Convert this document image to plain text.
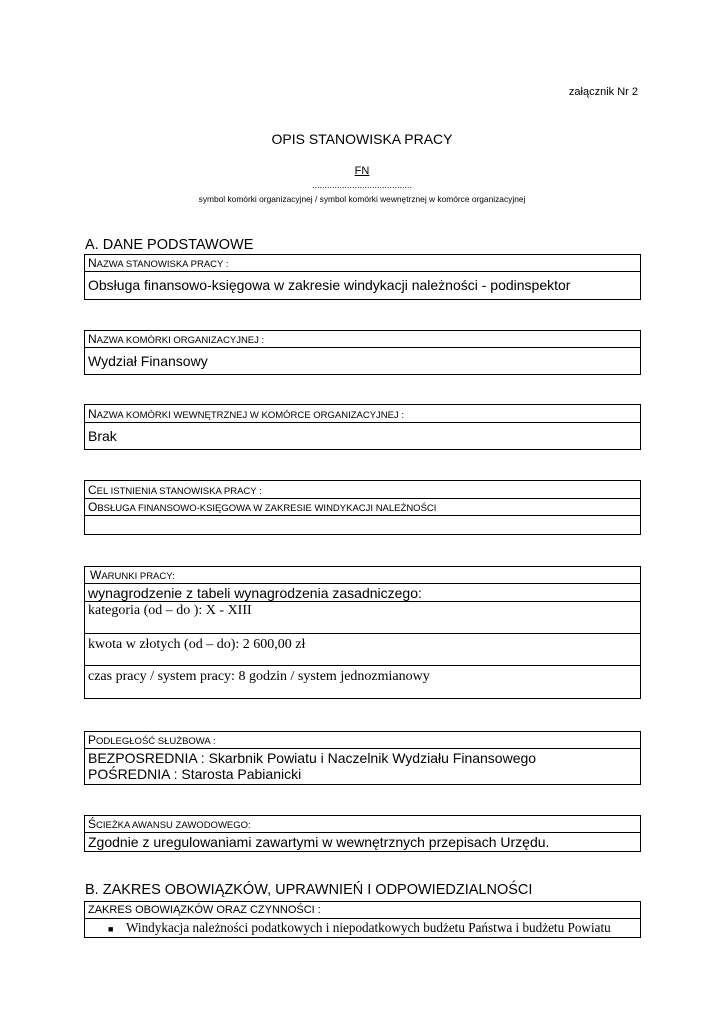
załącznik Nr 2
OPIS STANOWISKA PRACY
FN
........................................
symbol komórki organizacyjnej / symbol komórki wewnętrznej w komórce organizacyjnej
A. DANE PODSTAWOWE
NAZWA STANOWISKA PRACY :
Obsługa finansowo-księgowa w zakresie windykacji należności - podinspektor
NAZWA KOMÓRKI ORGANIZACYJNEJ :
Wydział Finansowy
NAZWA KOMÓRKI WEWNĘTRZNEJ W KOMÓRCE ORGANIZACYJNEJ :
Brak
CEL ISTNIENIA STANOWISKA PRACY :
OBSŁUGA FINANSOWO-KSIĘGOWA W ZAKRESIE WINDYKACJI NALEŻNOŚCI
WARUNKI PRACY:
wynagrodzenie z tabeli wynagrodzenia zasadniczego:
kategoria (od – do ): X - XIII
kwota w złotych (od – do): 2 600,00 zł
czas pracy / system pracy: 8 godzin / system jednozmianowy
PODLEGŁOŚĆ SŁUŻBOWA :
BEZPOSREDNIA : Skarbnik Powiatu i Naczelnik Wydziału Finansowego
POŚREDNIA : Starosta Pabianicki
ŚCIEŻKA AWANSU ZAWODOWEGO:
Zgodnie z uregulowaniami zawartymi w wewnętrznych przepisach Urzędu.
B. ZAKRES OBOWIĄZKÓW, UPRAWNIEŃ I ODPOWIEDZIALNOŚCI
ZAKRES OBOWIĄZKÓW ORAZ CZYNNOŚCI :
■ Windykacja należności podatkowych i niepodatkowych budżetu Państwa i budżetu Powiatu
